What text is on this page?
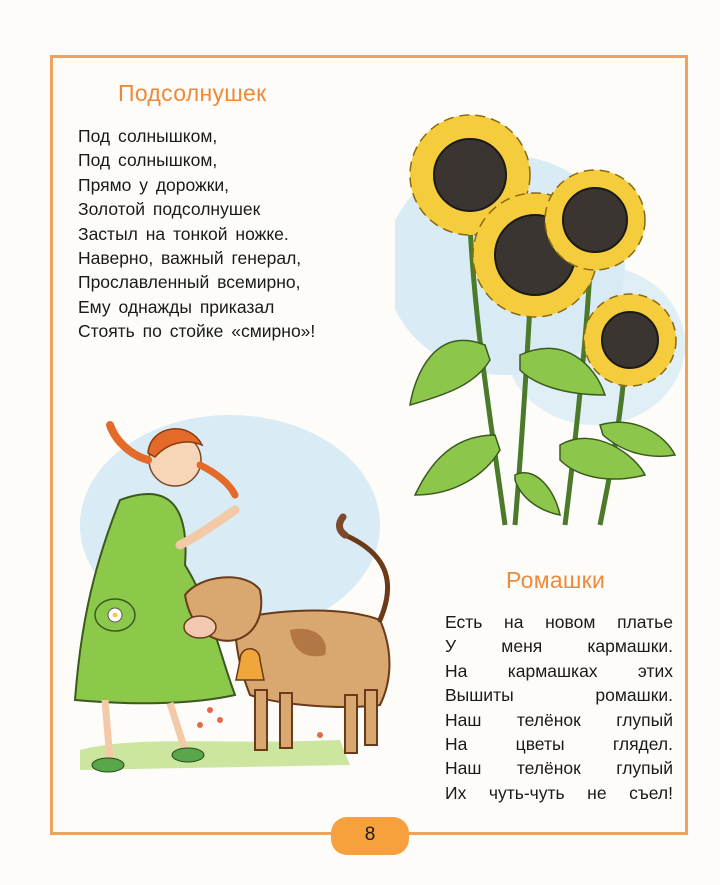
Подсолнушек
Под солнышком,
Под солнышком,
Прямо у дорожки,
Золотой подсолнушек
Застыл на тонкой ножке.
Наверно, важный генерал,
Прославленный всемирно,
Ему однажды приказал
Стоять по стойке «смирно»!
Ромашки
Есть на новом платье
У меня кармашки.
На кармашках этих
Вышиты ромашки.
Наш телёнок глупый
На цветы глядел.
Наш телёнок глупый
Их чуть-чуть не съел!
8
